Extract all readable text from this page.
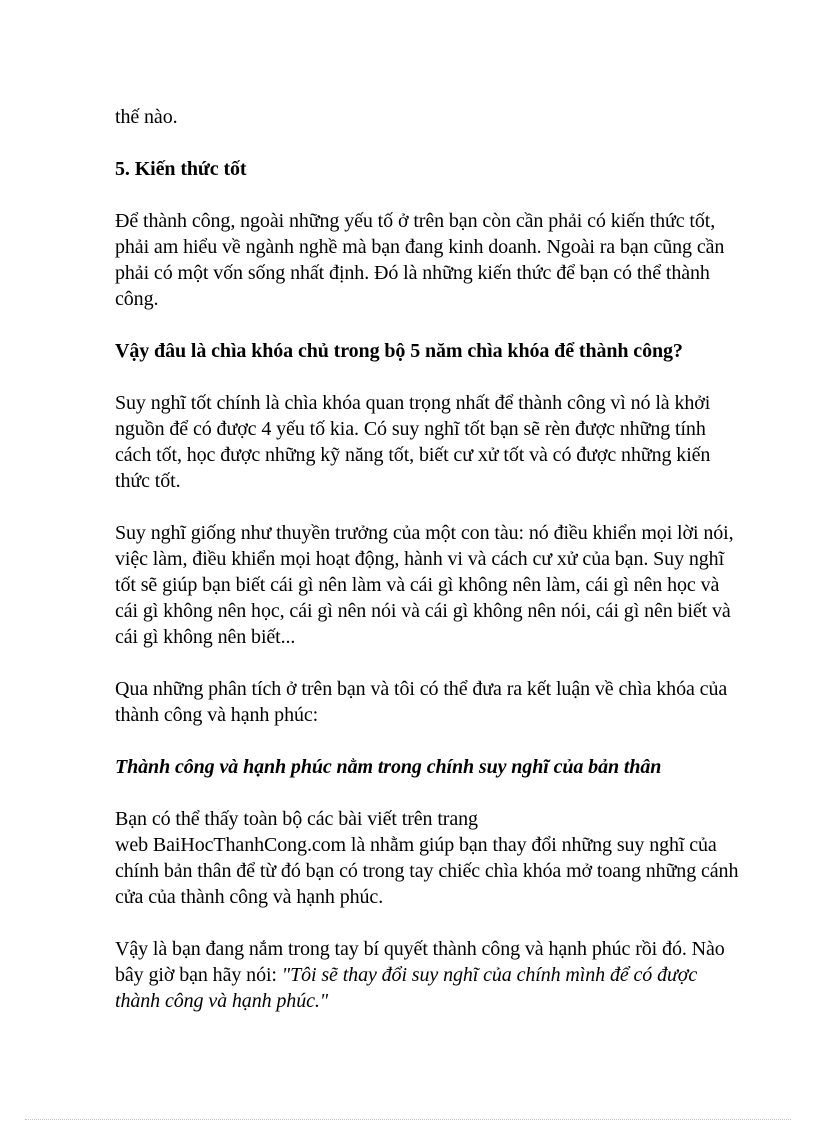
thế nào.

5. Kiến thức tốt

Để thành công, ngoài những yếu tố ở trên bạn còn cần phải có kiến thức tốt, phải am hiểu về ngành nghề mà bạn đang kinh doanh. Ngoài ra bạn cũng cần phải có một vốn sống nhất định. Đó là những kiến thức để bạn có thể thành công.

Vậy đâu là chìa khóa chủ trong bộ 5 năm chìa khóa để thành công?

Suy nghĩ tốt chính là chìa khóa quan trọng nhất để thành công vì nó là khởi nguồn để có được 4 yếu tố kia. Có suy nghĩ tốt bạn sẽ rèn được những tính cách tốt, học được những kỹ năng tốt, biết cư xử tốt và có được những kiến thức tốt.

Suy nghĩ giống như thuyền trưởng của một con tàu: nó điều khiển mọi lời nói, việc làm, điều khiển mọi hoạt động, hành vi và cách cư xử của bạn. Suy nghĩ tốt sẽ giúp bạn biết cái gì nên làm và cái gì không nên làm, cái gì nên học và cái gì không nên học, cái gì nên nói và cái gì không nên nói, cái gì nên biết và cái gì không nên biết...

Qua những phân tích ở trên bạn và tôi có thể đưa ra kết luận về chìa khóa của thành công và hạnh phúc:

Thành công và hạnh phúc nằm trong chính suy nghĩ của bản thân

Bạn có thể thấy toàn bộ các bài viết trên trang

web BaiHocThanhCong.com là nhằm giúp bạn thay đổi những suy nghĩ của chính bản thân để từ đó bạn có trong tay chiếc chìa khóa mở toang những cánh cửa của thành công và hạnh phúc.

Vậy là bạn đang nắm trong tay bí quyết thành công và hạnh phúc rồi đó. Nào bây giờ bạn hãy nói: "Tôi sẽ thay đổi suy nghĩ của chính mình để có được thành công và hạnh phúc."
